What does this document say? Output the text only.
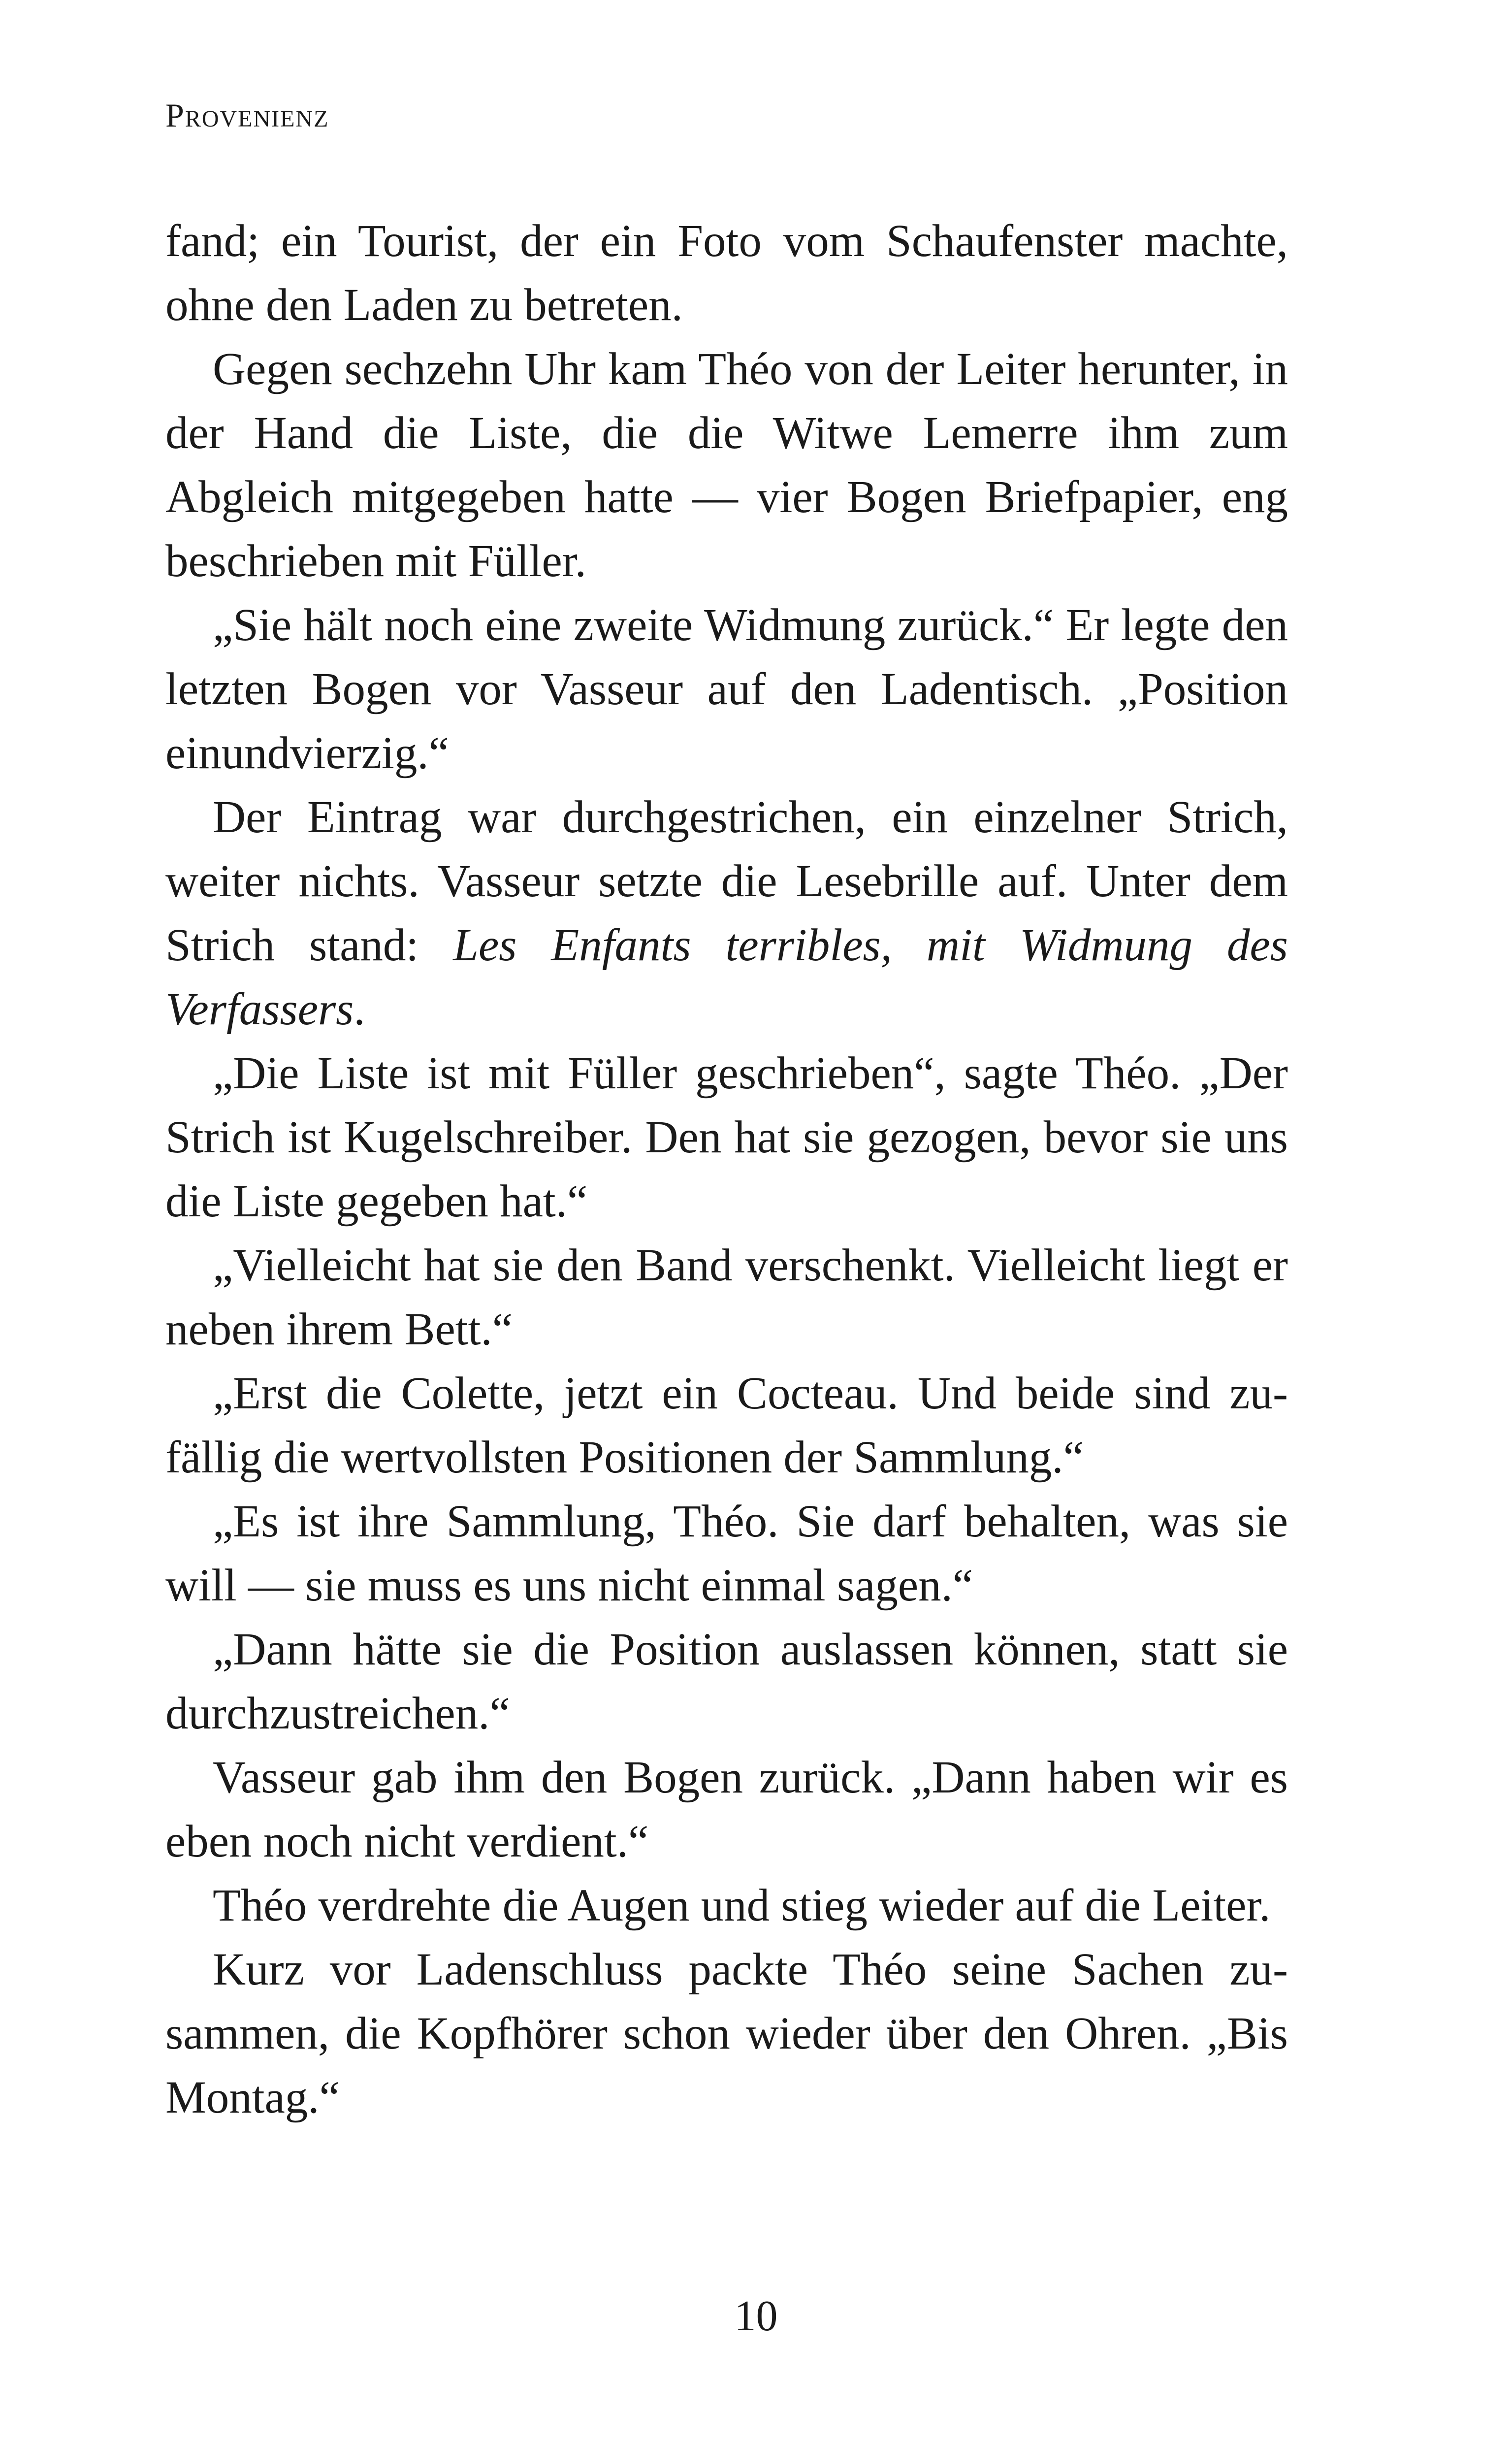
Provenienz

fand; ein Tourist, der ein Foto vom Schaufenster machte, ohne den Laden zu betreten.

Gegen sechzehn Uhr kam Théo von der Leiter herunter, in der Hand die Liste, die die Witwe Lemerre ihm zum Abgleich mitgegeben hatte — vier Bogen Briefpapier, eng beschrieben mit Füller.

„Sie hält noch eine zweite Widmung zurück.“ Er legte den letzten Bogen vor Vasseur auf den Ladentisch. „Position einundvierzig.“

Der Eintrag war durchgestrichen, ein einzelner Strich, weiter nichts. Vasseur setzte die Lesebrille auf. Unter dem Strich stand: Les Enfants terribles, mit Widmung des Verfassers.

„Die Liste ist mit Füller geschrieben“, sagte Théo. „Der Strich ist Kugelschreiber. Den hat sie gezogen, bevor sie uns die Liste gegeben hat.“

„Vielleicht hat sie den Band verschenkt. Vielleicht liegt er neben ihrem Bett.“

„Erst die Colette, jetzt ein Cocteau. Und beide sind zufällig die wertvollsten Positionen der Sammlung.“

„Es ist ihre Sammlung, Théo. Sie darf behalten, was sie will — sie muss es uns nicht einmal sagen.“

„Dann hätte sie die Position auslassen können, statt sie durchzustreichen.“

Vasseur gab ihm den Bogen zurück. „Dann haben wir es eben noch nicht verdient.“

Théo verdrehte die Augen und stieg wieder auf die Leiter.

Kurz vor Ladenschluss packte Théo seine Sachen zusammen, die Kopfhörer schon wieder über den Ohren. „Bis Montag.“

10
